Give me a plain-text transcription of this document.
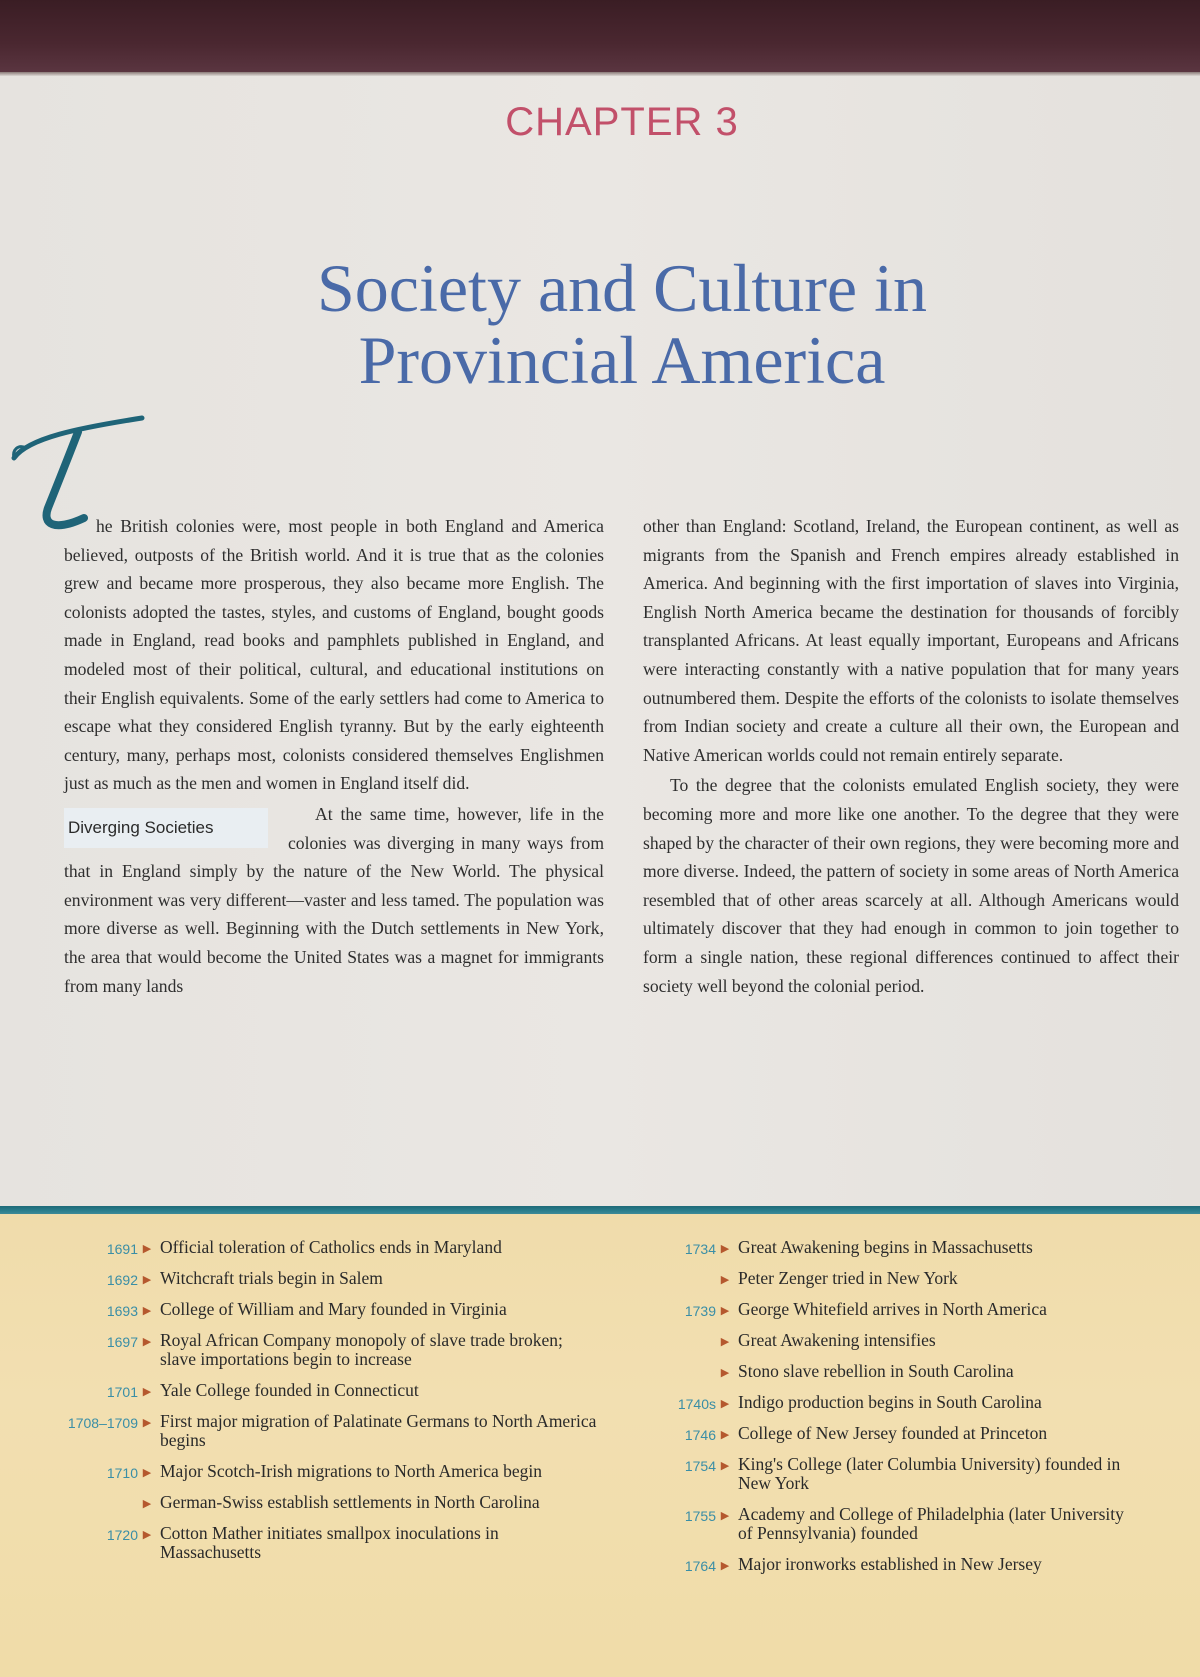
CHAPTER 3
Society and Culture in
Provincial America

he British colonies were, most people in both England and America believed, outposts of the British world. And it is true that as the colonies grew and became more prosperous, they also became more English. The colonists adopted the tastes, styles, and customs of England, bought goods made in England, read books and pamphlets published in England, and modeled most of their political, cultural, and educational institutions on their English equivalents. Some of the early settlers had come to America to escape what they considered English tyranny. But by the early eighteenth century, many, perhaps most, colonists considered themselves Englishmen just as much as the men and women in England itself did.

Diverging Societies
At the same time, however, life in the colonies was diverging in many ways from that in England simply by the nature of the New World. The physical environment was very different—vaster and less tamed. The population was more diverse as well. Beginning with the Dutch settlements in New York, the area that would become the United States was a magnet for immigrants from many lands

other than England: Scotland, Ireland, the European continent, as well as migrants from the Spanish and French empires already established in America. And beginning with the first importation of slaves into Virginia, English North America became the destination for thousands of forcibly transplanted Africans. At least equally important, Europeans and Africans were interacting constantly with a native population that for many years outnumbered them. Despite the efforts of the colonists to isolate themselves from Indian society and create a culture all their own, the European and Native American worlds could not remain entirely separate.

To the degree that the colonists emulated English society, they were becoming more and more like one another. To the degree that they were shaped by the character of their own regions, they were becoming more and more diverse. Indeed, the pattern of society in some areas of North America resembled that of other areas scarcely at all. Although Americans would ultimately discover that they had enough in common to join together to form a single nation, these regional differences continued to affect their society well beyond the colonial period.

1691 ▶ Official toleration of Catholics ends in Maryland
1692 ▶ Witchcraft trials begin in Salem
1693 ▶ College of William and Mary founded in Virginia
1697 ▶ Royal African Company monopoly of slave trade broken; slave importations begin to increase
1701 ▶ Yale College founded in Connecticut
1708–1709 ▶ First major migration of Palatinate Germans to North America begins
1710 ▶ Major Scotch-Irish migrations to North America begin
▶ German-Swiss establish settlements in North Carolina
1720 ▶ Cotton Mather initiates smallpox inoculations in Massachusetts
1734 ▶ Great Awakening begins in Massachusetts
▶ Peter Zenger tried in New York
1739 ▶ George Whitefield arrives in North America
▶ Great Awakening intensifies
▶ Stono slave rebellion in South Carolina
1740s ▶ Indigo production begins in South Carolina
1746 ▶ College of New Jersey founded at Princeton
1754 ▶ King's College (later Columbia University) founded in New York
1755 ▶ Academy and College of Philadelphia (later University of Pennsylvania) founded
1764 ▶ Major ironworks established in New Jersey
